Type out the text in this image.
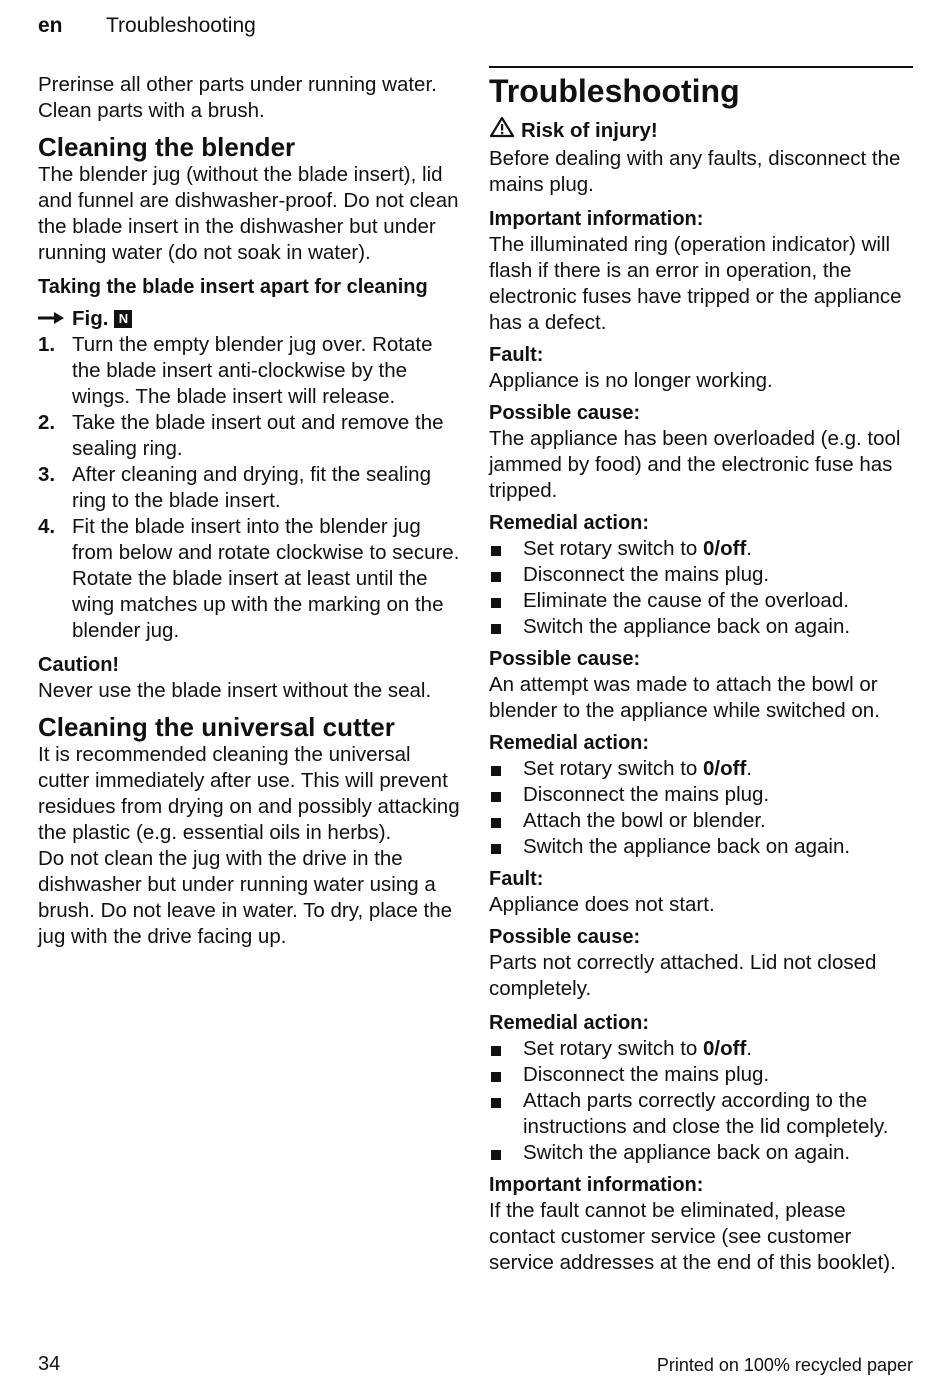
en Troubleshooting

Prerinse all other parts under running water. Clean parts with a brush.

Cleaning the blender

The blender jug (without the blade insert), lid and funnel are dishwasher-proof. Do not clean the blade insert in the dishwasher but under running water (do not soak in water).

Taking the blade insert apart for cleaning

Fig. N
1. Turn the empty blender jug over. Rotate the blade insert anti-clockwise by the wings. The blade insert will release.
2. Take the blade insert out and remove the sealing ring.
3. After cleaning and drying, fit the sealing ring to the blade insert.
4. Fit the blade insert into the blender jug from below and rotate clockwise to secure.
Rotate the blade insert at least until the wing matches up with the marking on the blender jug.

Caution!

Never use the blade insert without the seal.

Cleaning the universal cutter

It is recommended cleaning the universal cutter immediately after use. This will prevent residues from drying on and possibly attacking the plastic (e.g. essential oils in herbs).

Do not clean the jug with the drive in the dishwasher but under running water using a brush. Do not leave in water. To dry, place the jug with the drive facing up.

Troubleshooting
Risk of injury!

Before dealing with any faults, disconnect the mains plug.

Important information:

The illuminated ring (operation indicator) will flash if there is an error in operation, the electronic fuses have tripped or the appliance has a defect.

Fault:

Appliance is no longer working.

Possible cause:

The appliance has been overloaded (e.g. tool jammed by food) and the electronic fuse has tripped.

Remedial action:

Set rotary switch to 0/off.
Disconnect the mains plug.
Eliminate the cause of the overload.
Switch the appliance back on again.

Possible cause:

An attempt was made to attach the bowl or blender to the appliance while switched on.

Remedial action:

Set rotary switch to 0/off.
Disconnect the mains plug.
Attach the bowl or blender.
Switch the appliance back on again.

Fault:

Appliance does not start.

Possible cause:

Parts not correctly attached. Lid not closed completely.

Remedial action:

Set rotary switch to 0/off.
Disconnect the mains plug.
Attach parts correctly according to the instructions and close the lid completely.
Switch the appliance back on again.

Important information:

If the fault cannot be eliminated, please contact customer service (see customer service addresses at the end of this booklet).

34	Printed on 100% recycled paper
